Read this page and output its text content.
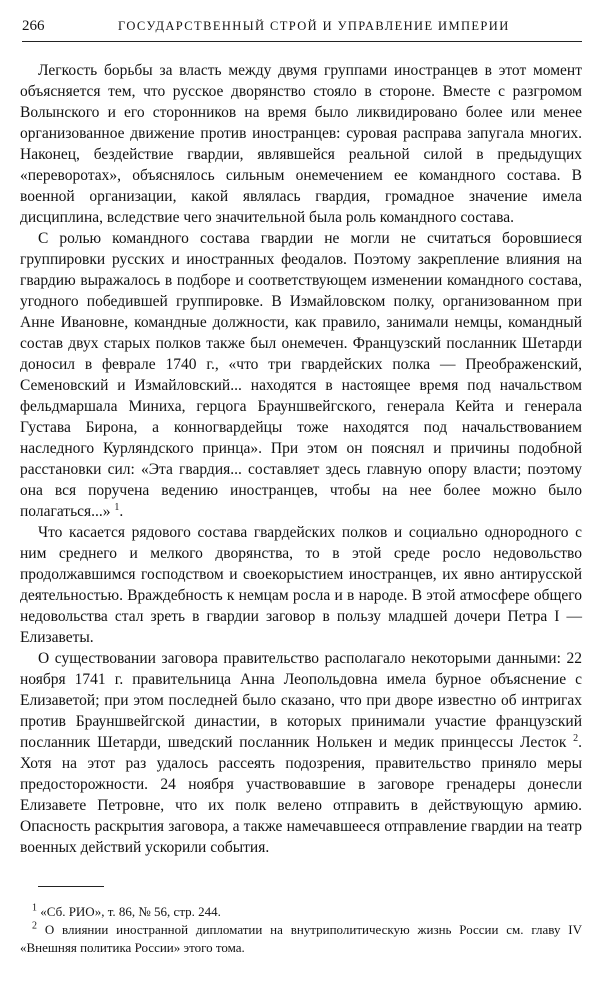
266	ГОСУДАРСТВЕННЫЙ СТРОЙ И УПРАВЛЕНИЕ ИМПЕРИИ

Легкость борьбы за власть между двумя группами иностранцев в этот момент объясняется тем, что русское дворянство стояло в стороне. Вместе с разгромом Волынского и его сторонников на время было ликвидировано более или менее организованное движение против иностранцев: суровая расправа запугала многих. Наконец, бездействие гвардии, являвшейся реальной силой в предыдущих «переворотах», объяснялось сильным онемечением ее командного состава. В военной организации, какой являлась гвардия, громадное значение имела дисциплина, вследствие чего значительной была роль командного состава.

С ролью командного состава гвардии не могли не считаться боровшиеся группировки русских и иностранных феодалов. Поэтому закрепление влияния на гвардию выражалось в подборе и соответствующем изменении командного состава, угодного победившей группировке. В Измайловском полку, организованном при Анне Ивановне, командные должности, как правило, занимали немцы, командный состав двух старых полков также был онемечен. Французский посланник Шетарди доносил в феврале 1740 г., «что три гвардейских полка — Преображенский, Семеновский и Измайловский... находятся в настоящее время под начальством фельдмаршала Миниха, герцога Брауншвейгского, генерала Кейта и генерала Густава Бирона, а конногвардейцы тоже находятся под начальствованием наследного Курляндского принца». При этом он пояснял и причины подобной расстановки сил: «Эта гвардия... составляет здесь главную опору власти; поэтому она вся поручена ведению иностранцев, чтобы на нее более можно было полагаться...» $^1$.

Что касается рядового состава гвардейских полков и социально однородного с ним среднего и мелкого дворянства, то в этой среде росло недовольство продолжавшимся господством и своекорыстием иностранцев, их явно антирусской деятельностью. Враждебность к немцам росла и в народе. В этой атмосфере общего недовольства стал зреть в гвардии заговор в пользу младшей дочери Петра I — Елизаветы.

О существовании заговора правительство располагало некоторыми данными: 22 ноября 1741 г. правительница Анна Леопольдовна имела бурное объяснение с Елизаветой; при этом последней было сказано, что при дворе известно об интригах против Брауншвейгской династии, в которых принимали участие французский посланник Шетарди, шведский посланник Нолькен и медик принцессы Лесток $^2$. Хотя на этот раз удалось рассеять подозрения, правительство приняло меры предосторожности. 24 ноября участвовавшие в заговоре гренадеры донесли Елизавете Петровне, что их полк велено отправить в действующую армию. Опасность раскрытия заговора, а также намечавшееся отправление гвардии на театр военных действий ускорили события.

$^1$ «Сб. РИО», т. 86, № 56, стр. 244.

$^2$ О влиянии иностранной дипломатии на внутриполитическую жизнь России см. главу IV «Внешняя политика России» этого тома.
